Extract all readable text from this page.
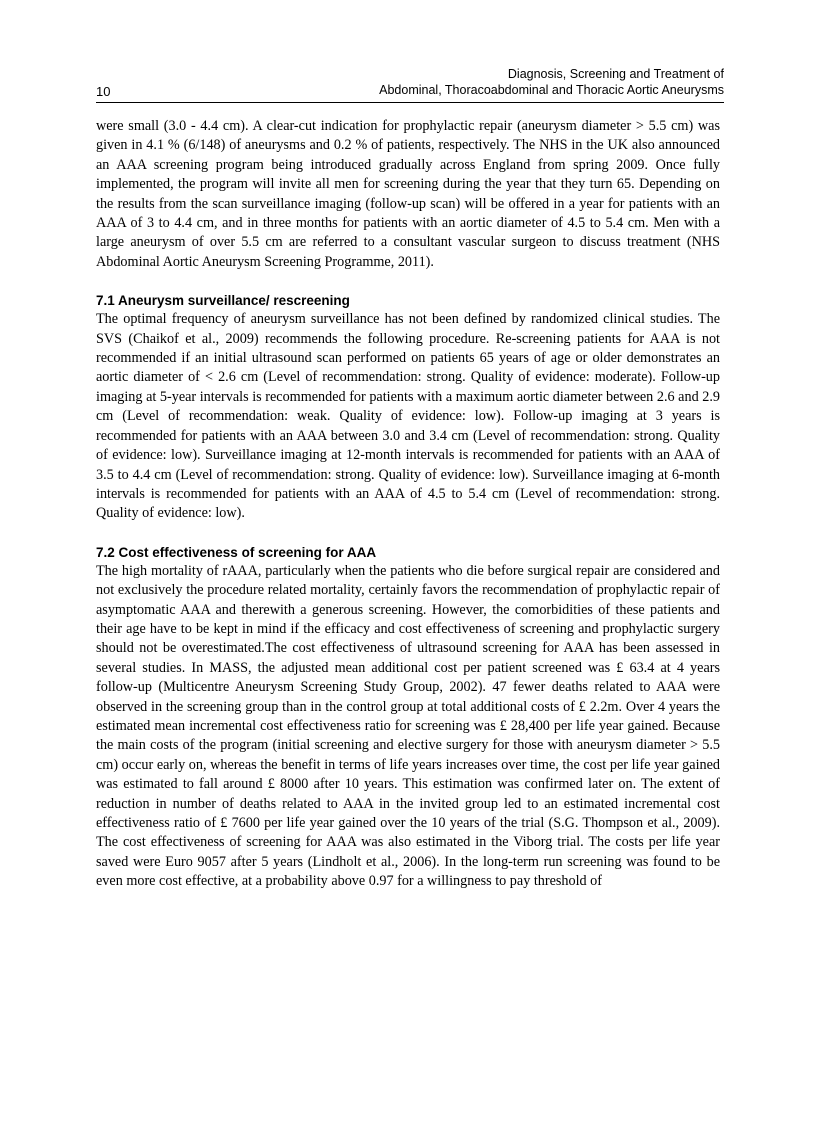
10
Diagnosis, Screening and Treatment of
Abdominal, Thoracoabdominal and Thoracic Aortic Aneurysms

were small (3.0 - 4.4 cm). A clear-cut indication for prophylactic repair (aneurysm diameter > 5.5 cm) was given in 4.1 % (6/148) of aneurysms and 0.2 % of patients, respectively. The NHS in the UK also announced an AAA screening program being introduced gradually across England from spring 2009. Once fully implemented, the program will invite all men for screening during the year that they turn 65. Depending on the results from the scan surveillance imaging (follow-up scan) will be offered in a year for patients with an AAA of 3 to 4.4 cm, and in three months for patients with an aortic diameter of 4.5 to 5.4 cm. Men with a large aneurysm of over 5.5 cm are referred to a consultant vascular surgeon to discuss treatment (NHS Abdominal Aortic Aneurysm Screening Programme, 2011).

7.1 Aneurysm surveillance/ rescreening

The optimal frequency of aneurysm surveillance has not been defined by randomized clinical studies. The SVS (Chaikof et al., 2009) recommends the following procedure. Re-screening patients for AAA is not recommended if an initial ultrasound scan performed on patients 65 years of age or older demonstrates an aortic diameter of < 2.6 cm (Level of recommendation: strong. Quality of evidence: moderate). Follow-up imaging at 5-year intervals is recommended for patients with a maximum aortic diameter between 2.6 and 2.9 cm (Level of recommendation: weak. Quality of evidence: low). Follow-up imaging at 3 years is recommended for patients with an AAA between 3.0 and 3.4 cm (Level of recommendation: strong. Quality of evidence: low). Surveillance imaging at 12-month intervals is recommended for patients with an AAA of 3.5 to 4.4 cm (Level of recommendation: strong. Quality of evidence: low). Surveillance imaging at 6-month intervals is recommended for patients with an AAA of 4.5 to 5.4 cm (Level of recommendation: strong. Quality of evidence: low).

7.2 Cost effectiveness of screening for AAA

The high mortality of rAAA, particularly when the patients who die before surgical repair are considered and not exclusively the procedure related mortality, certainly favors the recommendation of prophylactic repair of asymptomatic AAA and therewith a generous screening. However, the comorbidities of these patients and their age have to be kept in mind if the efficacy and cost effectiveness of screening and prophylactic surgery should not be overestimated.The cost effectiveness of ultrasound screening for AAA has been assessed in several studies. In MASS, the adjusted mean additional cost per patient screened was £ 63.4 at 4 years follow-up (Multicentre Aneurysm Screening Study Group, 2002). 47 fewer deaths related to AAA were observed in the screening group than in the control group at total additional costs of £ 2.2m. Over 4 years the estimated mean incremental cost effectiveness ratio for screening was £ 28,400 per life year gained. Because the main costs of the program (initial screening and elective surgery for those with aneurysm diameter > 5.5 cm) occur early on, whereas the benefit in terms of life years increases over time, the cost per life year gained was estimated to fall around £ 8000 after 10 years. This estimation was confirmed later on. The extent of reduction in number of deaths related to AAA in the invited group led to an estimated incremental cost effectiveness ratio of £ 7600 per life year gained over the 10 years of the trial (S.G. Thompson et al., 2009). The cost effectiveness of screening for AAA was also estimated in the Viborg trial. The costs per life year saved were Euro 9057 after 5 years (Lindholt et al., 2006). In the long-term run screening was found to be even more cost effective, at a probability above 0.97 for a willingness to pay threshold of
